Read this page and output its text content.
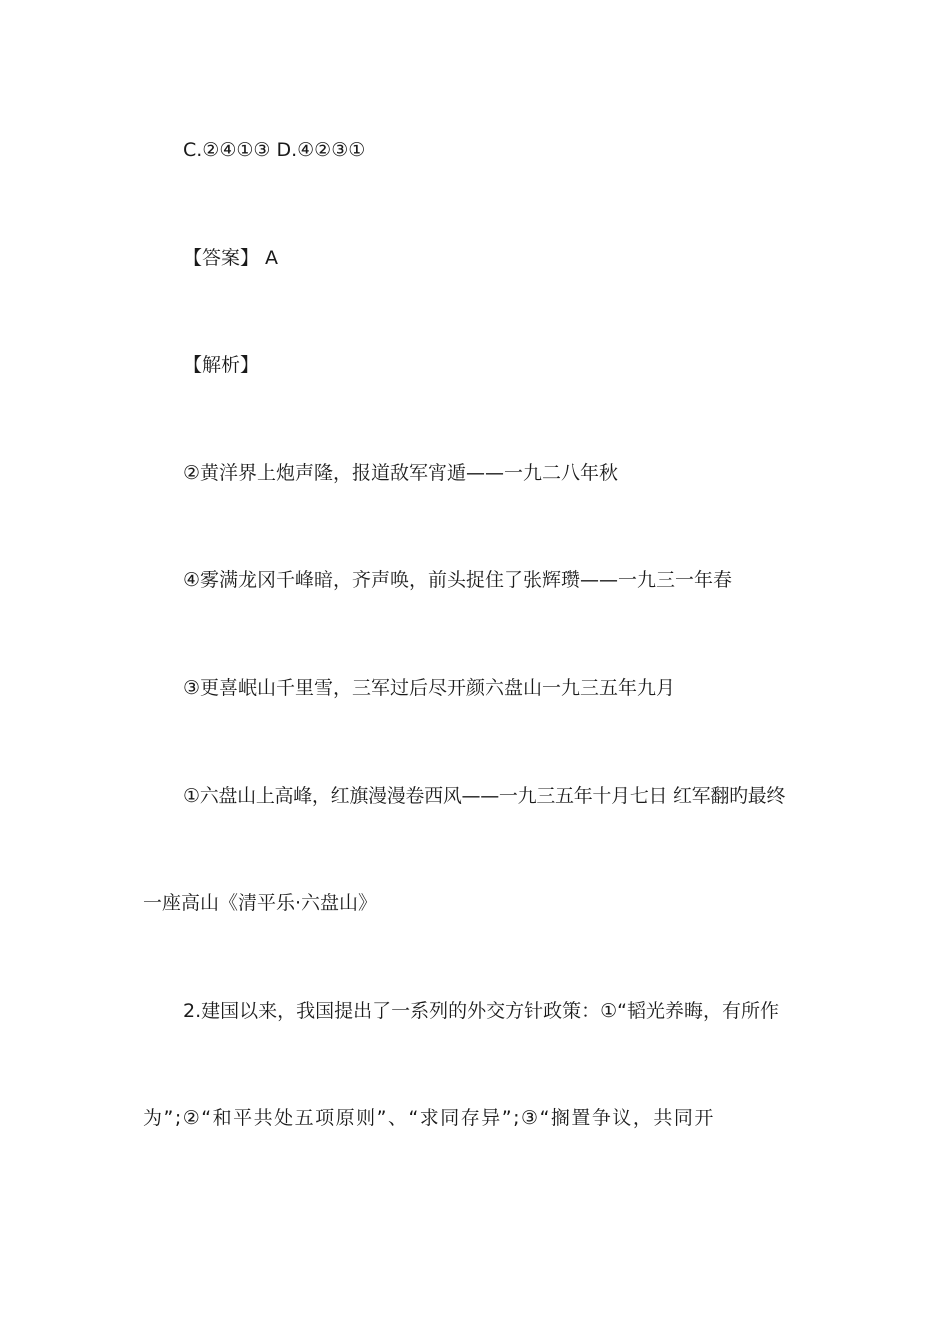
C.②④①③ D.④②③①
【答案】 A
【解析】
②黄洋界上炮声隆，报道敌军宵遁——一九二八年秋
④雾满龙冈千峰暗，齐声唤，前头捉住了张辉瓒——一九三一年春
③更喜岷山千里雪，三军过后尽开颜六盘山一九三五年九月
①六盘山上高峰，红旗漫漫卷西风——一九三五年十月七日 红军翻旳最终
一座高山《清平乐·六盘山》
2.建国以来，我国提出了一系列的外交方针政策：①“韬光养晦，有所作
为”;②“和平共处五项原则”、“求同存异”;③“搁置争议，共同开
